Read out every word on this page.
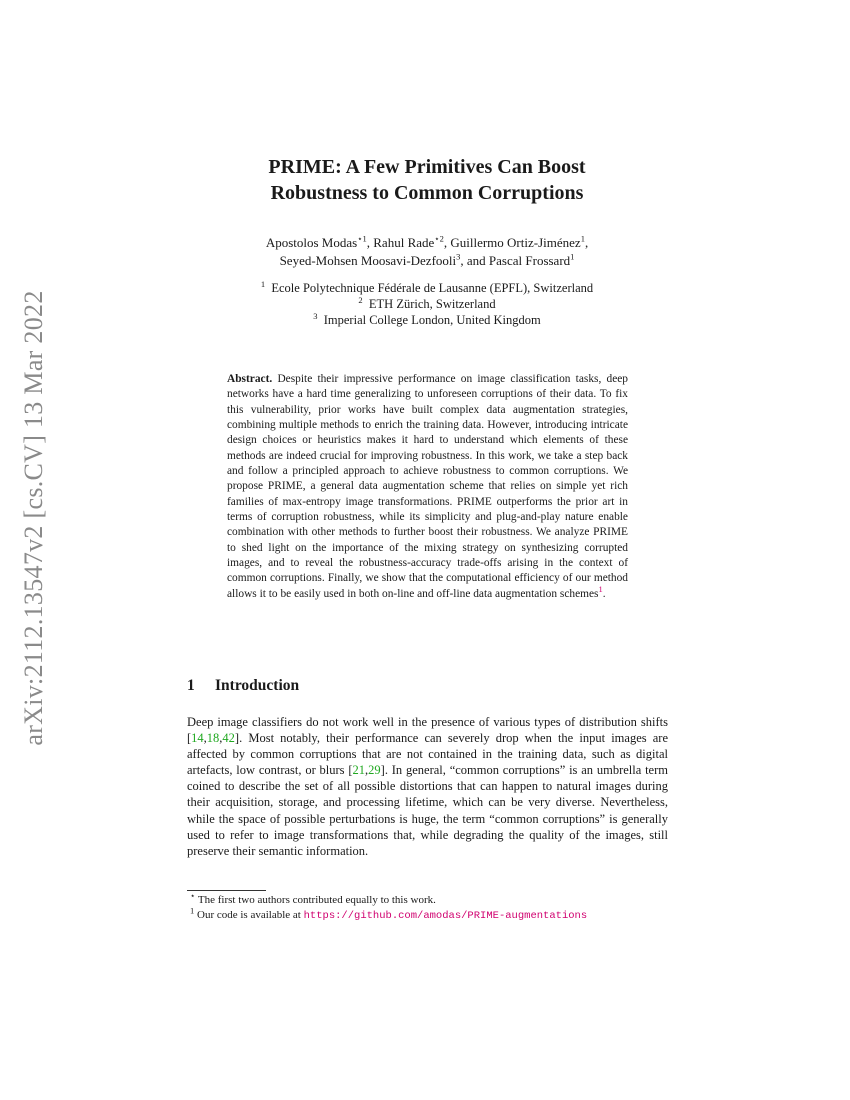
arXiv:2112.13547v2 [cs.CV] 13 Mar 2022
PRIME: A Few Primitives Can Boost
Robustness to Common Corruptions
Apostolos Modas$^{⋆1}$, Rahul Rade$^{⋆2}$, Guillermo Ortiz-Jiménez$^1$,
Seyed-Mohsen Moosavi-Dezfooli$^3$, and Pascal Frossard$^1$
$^1$ Ecole Polytechnique Fédérale de Lausanne (EPFL), Switzerland
$^2$ ETH Zürich, Switzerland
$^3$ Imperial College London, United Kingdom
Abstract. Despite their impressive performance on image classification tasks, deep networks have a hard time generalizing to unforeseen corruptions of their data. To fix this vulnerability, prior works have built complex data augmentation strategies, combining multiple methods to enrich the training data. However, introducing intricate design choices or heuristics makes it hard to understand which elements of these methods are indeed crucial for improving robustness. In this work, we take a step back and follow a principled approach to achieve robustness to common corruptions. We propose PRIME, a general data augmentation scheme that relies on simple yet rich families of max-entropy image transformations. PRIME outperforms the prior art in terms of corruption robustness, while its simplicity and plug-and-play nature enable combination with other methods to further boost their robustness. We analyze PRIME to shed light on the importance of the mixing strategy on synthesizing corrupted images, and to reveal the robustness-accuracy trade-offs arising in the context of common corruptions. Finally, we show that the computational efficiency of our method allows it to be easily used in both on-line and off-line data augmentation schemes$^1$.
1 Introduction
Deep image classifiers do not work well in the presence of various types of distribution shifts [14,18,42]. Most notably, their performance can severely drop when the input images are affected by common corruptions that are not contained in the training data, such as digital artefacts, low contrast, or blurs [21,29]. In general, “common corruptions” is an umbrella term coined to describe the set of all possible distortions that can happen to natural images during their acquisition, storage, and processing lifetime, which can be very diverse. Nevertheless, while the space of possible perturbations is huge, the term “common corruptions” is generally used to refer to image transformations that, while degrading the quality of the images, still preserve their semantic information.
⋆ The first two authors contributed equally to this work.
$^1$ Our code is available at https://github.com/amodas/PRIME-augmentations
